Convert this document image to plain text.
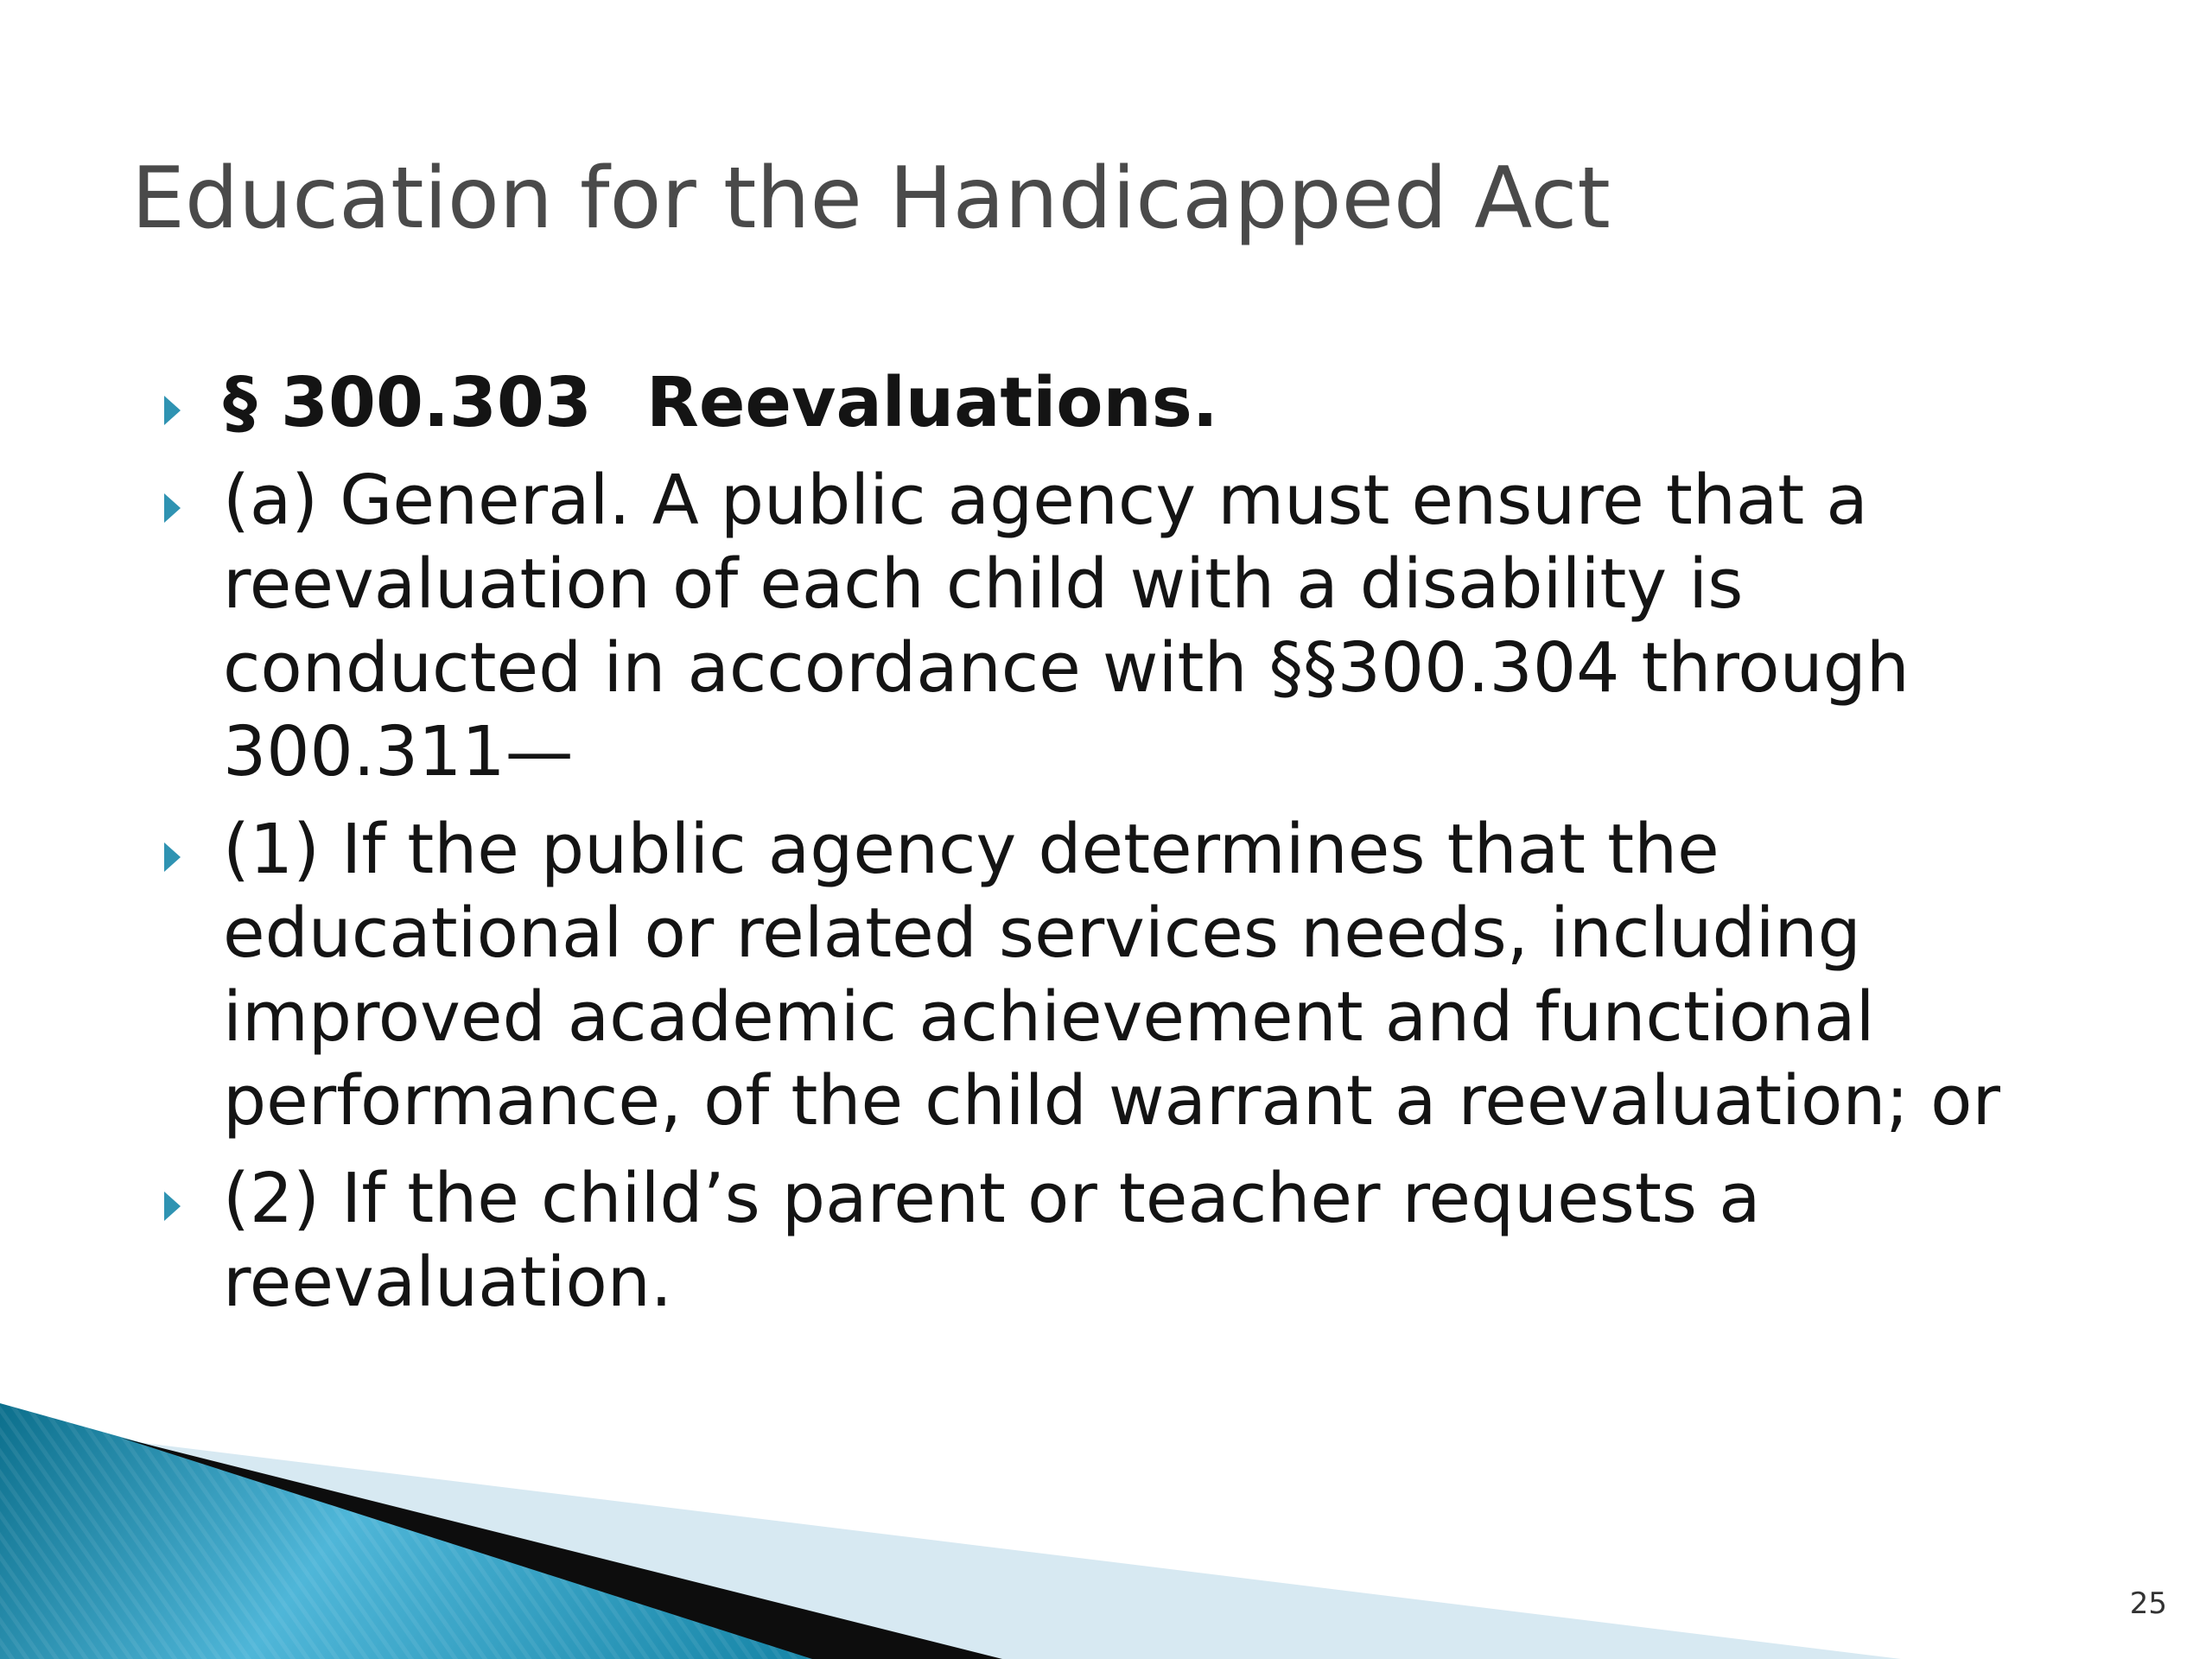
Education for the Handicapped Act
§ 300.303 Reevaluations.
(a) General. A public agency must ensure that a reevaluation of each child with a disability is conducted in accordance with §§300.304 through 300.311—
(1) If the public agency determines that the educational or related services needs, including improved academic achievement and functional performance, of the child warrant a reevaluation; or
(2) If the child’s parent or teacher requests a reevaluation.
25
